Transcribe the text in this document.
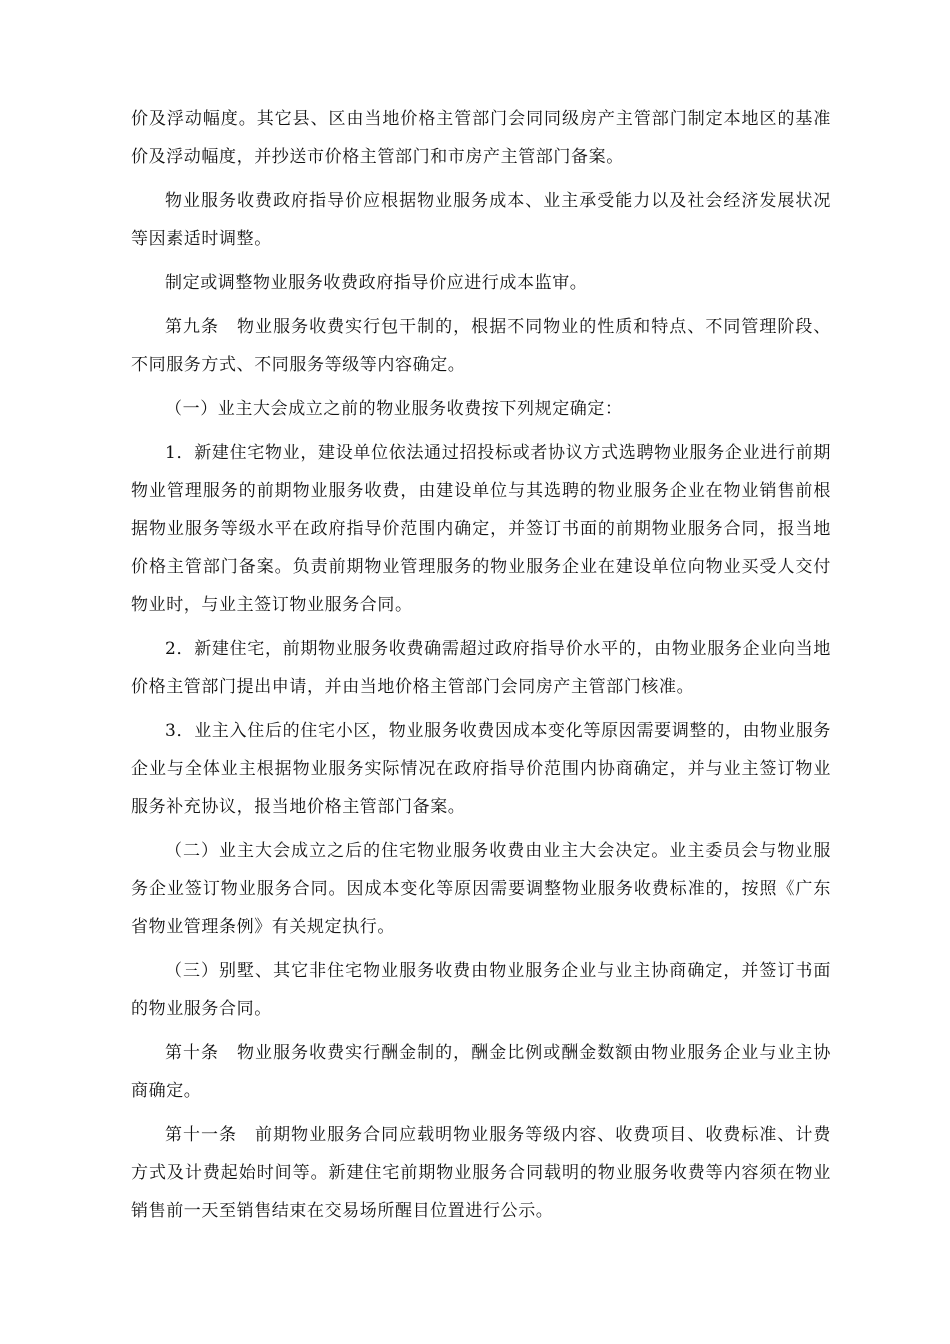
价及浮动幅度。其它县、区由当地价格主管部门会同同级房产主管部门制定本地区的基准价及浮动幅度，并抄送市价格主管部门和市房产主管部门备案。

物业服务收费政府指导价应根据物业服务成本、业主承受能力以及社会经济发展状况等因素适时调整。

制定或调整物业服务收费政府指导价应进行成本监审。

第九条　物业服务收费实行包干制的，根据不同物业的性质和特点、不同管理阶段、不同服务方式、不同服务等级等内容确定。

（一）业主大会成立之前的物业服务收费按下列规定确定：

1．新建住宅物业，建设单位依法通过招投标或者协议方式选聘物业服务企业进行前期物业管理服务的前期物业服务收费，由建设单位与其选聘的物业服务企业在物业销售前根据物业服务等级水平在政府指导价范围内确定，并签订书面的前期物业服务合同，报当地价格主管部门备案。负责前期物业管理服务的物业服务企业在建设单位向物业买受人交付物业时，与业主签订物业服务合同。

2．新建住宅，前期物业服务收费确需超过政府指导价水平的，由物业服务企业向当地价格主管部门提出申请，并由当地价格主管部门会同房产主管部门核准。

3．业主入住后的住宅小区，物业服务收费因成本变化等原因需要调整的，由物业服务企业与全体业主根据物业服务实际情况在政府指导价范围内协商确定，并与业主签订物业服务补充协议，报当地价格主管部门备案。

（二）业主大会成立之后的住宅物业服务收费由业主大会决定。业主委员会与物业服务企业签订物业服务合同。因成本变化等原因需要调整物业服务收费标准的，按照《广东省物业管理条例》有关规定执行。

（三）别墅、其它非住宅物业服务收费由物业服务企业与业主协商确定，并签订书面的物业服务合同。

第十条　物业服务收费实行酬金制的，酬金比例或酬金数额由物业服务企业与业主协商确定。

第十一条　前期物业服务合同应载明物业服务等级内容、收费项目、收费标准、计费方式及计费起始时间等。新建住宅前期物业服务合同载明的物业服务收费等内容须在物业销售前一天至销售结束在交易场所醒目位置进行公示。
